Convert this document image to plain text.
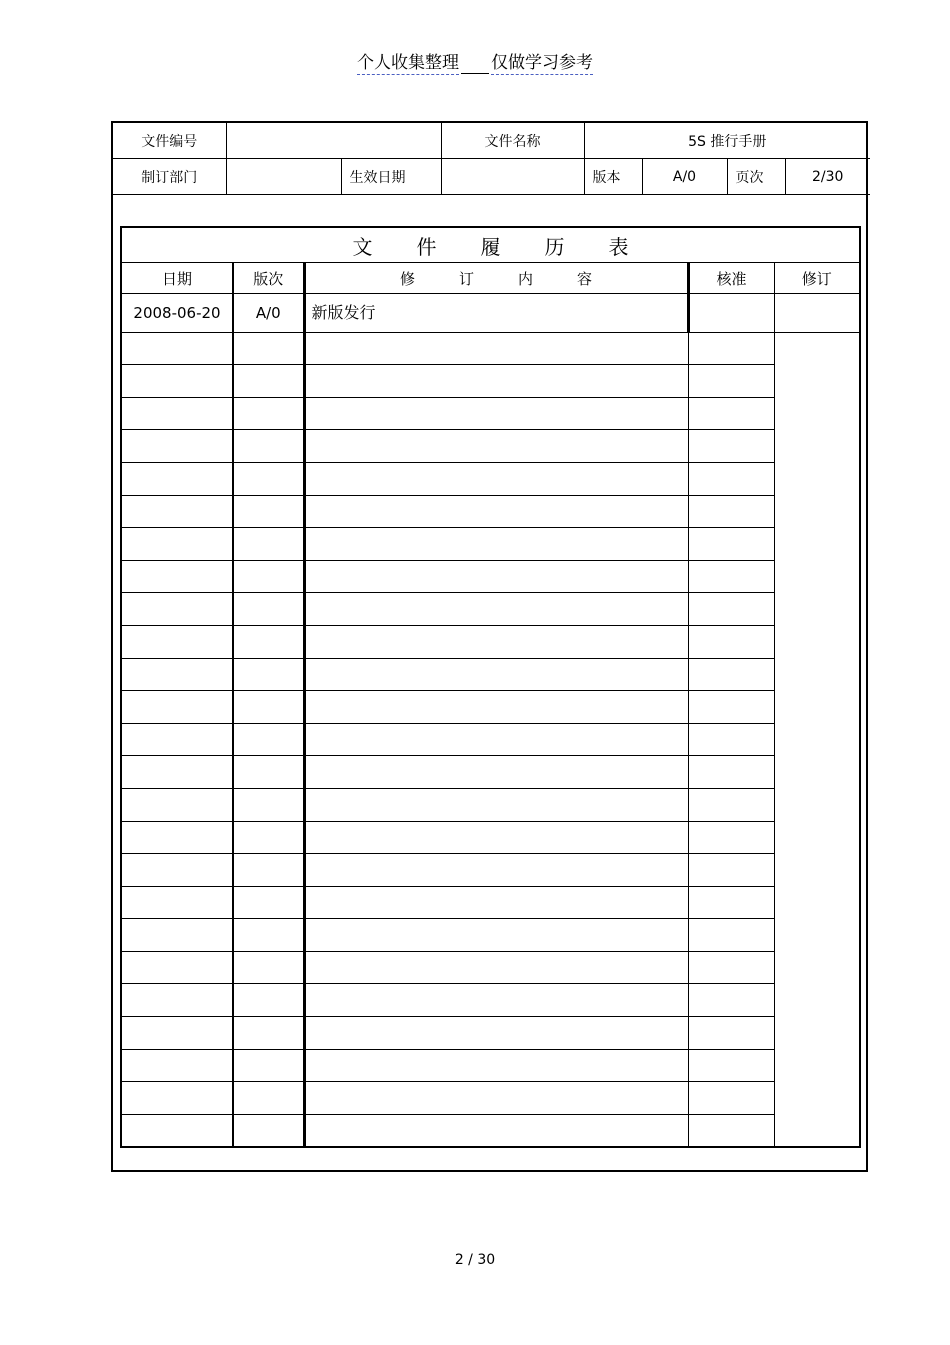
个人收集整理 仅做学习参考
文件编号			文件名称	5S 推行手册			
制订部门		生效日期		版本	A/0	页次	2/30
文 件 履 历 表				
日期	版次	修 订 内 容	核准	修订
2008-06-20	A/0	新版发行		

2 / 30
